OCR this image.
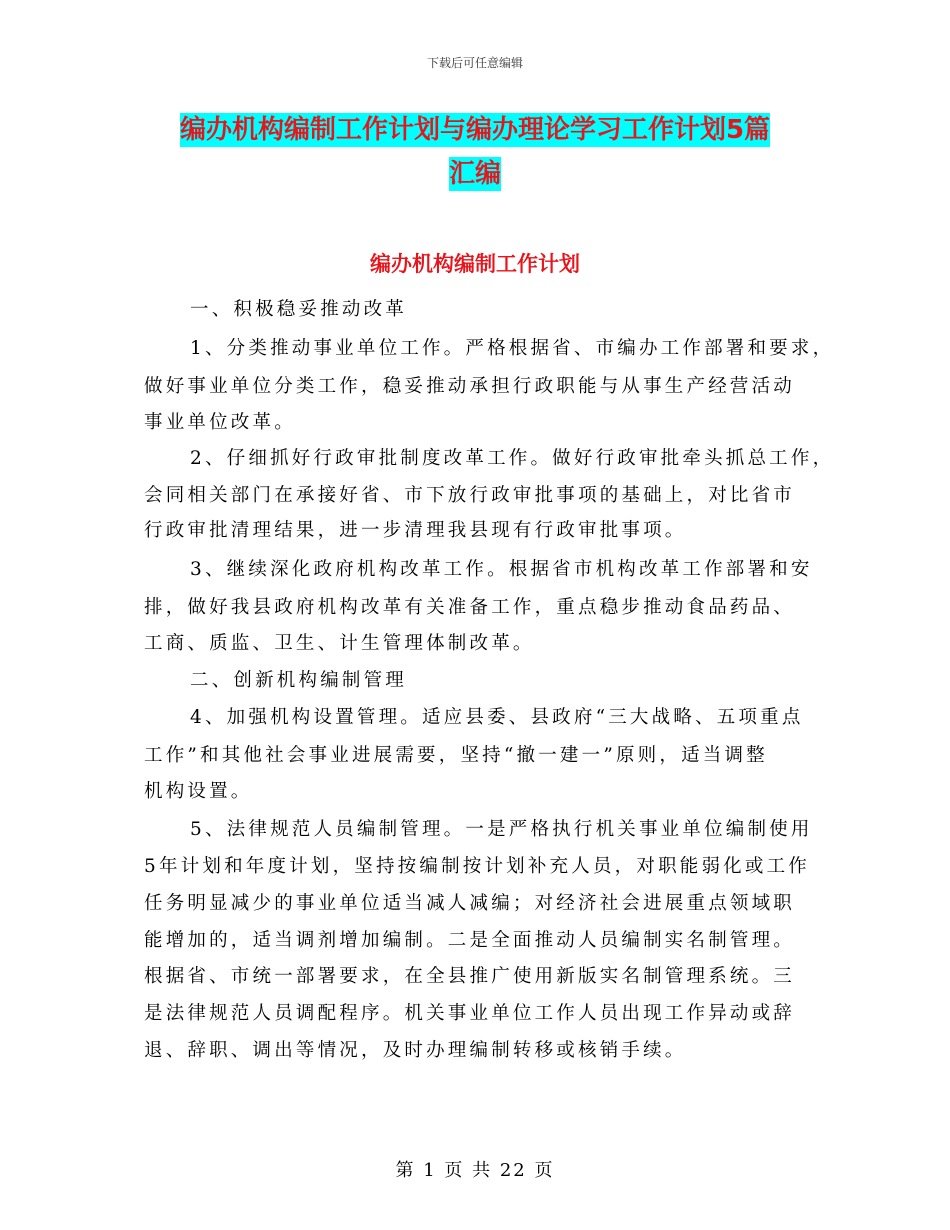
下载后可任意编辑
编办机构编制工作计划与编办理论学习工作计划5篇
汇编
编办机构编制工作计划
一、积极稳妥推动改革
1、分类推动事业单位工作。严格根据省、市编办工作部署和要求，
做好事业单位分类工作，稳妥推动承担行政职能与从事生产经营活动
事业单位改革。
2、仔细抓好行政审批制度改革工作。做好行政审批牵头抓总工作，
会同相关部门在承接好省、市下放行政审批事项的基础上，对比省市
行政审批清理结果，进一步清理我县现有行政审批事项。
3、继续深化政府机构改革工作。根据省市机构改革工作部署和安
排，做好我县政府机构改革有关准备工作，重点稳步推动食品药品、
工商、质监、卫生、计生管理体制改革。
二、创新机构编制管理
4、加强机构设置管理。适应县委、县政府“三大战略、五项重点
工作”和其他社会事业进展需要，坚持“撤一建一”原则，适当调整
机构设置。
5、法律规范人员编制管理。一是严格执行机关事业单位编制使用
5年计划和年度计划，坚持按编制按计划补充人员，对职能弱化或工作
任务明显减少的事业单位适当减人减编；对经济社会进展重点领域职
能增加的，适当调剂增加编制。二是全面推动人员编制实名制管理。
根据省、市统一部署要求，在全县推广使用新版实名制管理系统。三
是法律规范人员调配程序。机关事业单位工作人员出现工作异动或辞
退、辞职、调出等情况，及时办理编制转移或核销手续。
第 1 页 共 22 页
